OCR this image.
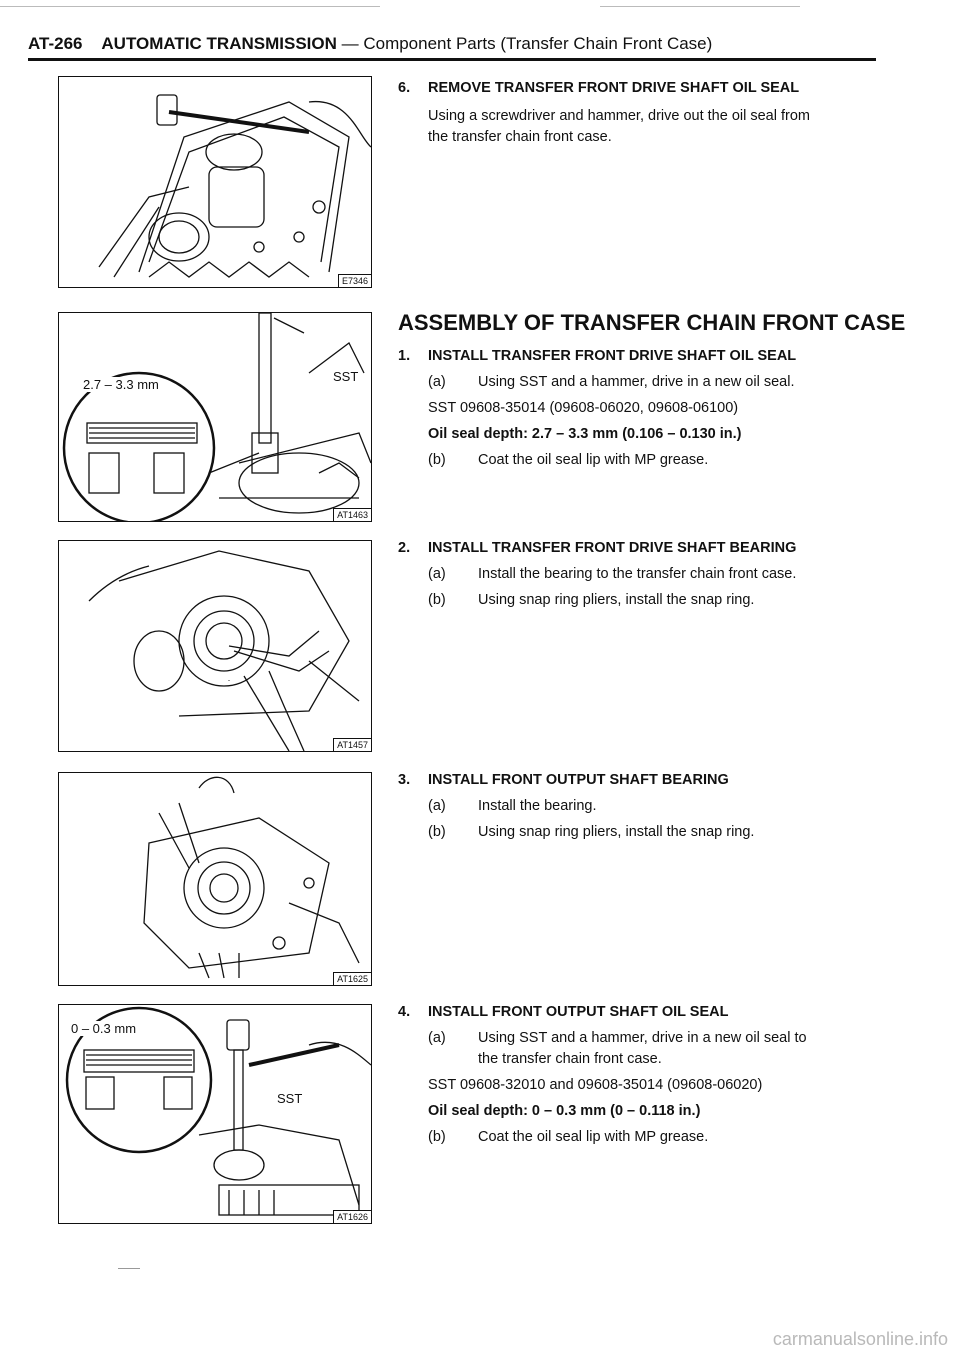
AT-266 AUTOMATIC TRANSMISSION — Component Parts (Transfer Chain Front Case)
E7346
2.7 – 3.3 mm
SST
AT1463
AT1457
AT1625
0 – 0.3 mm
SST
AT1626
6. REMOVE TRANSFER FRONT DRIVE SHAFT OIL SEAL
Using a screwdriver and hammer, drive out the oil seal from
the transfer chain front case.
ASSEMBLY OF TRANSFER CHAIN FRONT CASE
1. INSTALL TRANSFER FRONT DRIVE SHAFT OIL SEAL
(a) Using SST and a hammer, drive in a new oil seal.
SST 09608-35014 (09608-06020, 09608-06100)
Oil seal depth: 2.7 – 3.3 mm (0.106 – 0.130 in.)
(b) Coat the oil seal lip with MP grease.
2. INSTALL TRANSFER FRONT DRIVE SHAFT BEARING
(a) Install the bearing to the transfer chain front case.
(b) Using snap ring pliers, install the snap ring.
3. INSTALL FRONT OUTPUT SHAFT BEARING
(a) Install the bearing.
(b) Using snap ring pliers, install the snap ring.
4. INSTALL FRONT OUTPUT SHAFT OIL SEAL
(a) Using SST and a hammer, drive in a new oil seal to
the transfer chain front case.
SST 09608-32010 and 09608-35014 (09608-06020)
Oil seal depth: 0 – 0.3 mm (0 – 0.118 in.)
(b) Coat the oil seal lip with MP grease.
carmanualsonline.info
